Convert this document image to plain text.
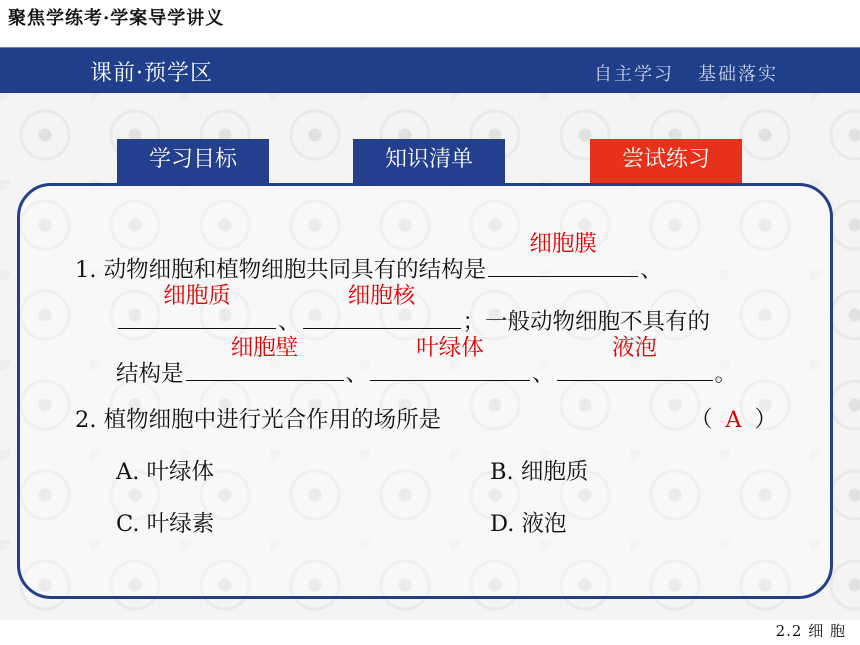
聚焦学练考·学案导学讲义
课前·预学区	自主学习 基础落实
学习目标	知识清单	尝试练习
1. 动物细胞和植物细胞共同具有的结构是
细胞膜
、
细胞质
、
细胞核
；一般动物细胞不具有的
结构是
细胞壁
、
叶绿体
、
液泡
。
2. 植物细胞中进行光合作用的场所是	（ A ）
A. 叶绿体	B. 细胞质
C. 叶绿素	D. 液泡
2.2 细 胞
